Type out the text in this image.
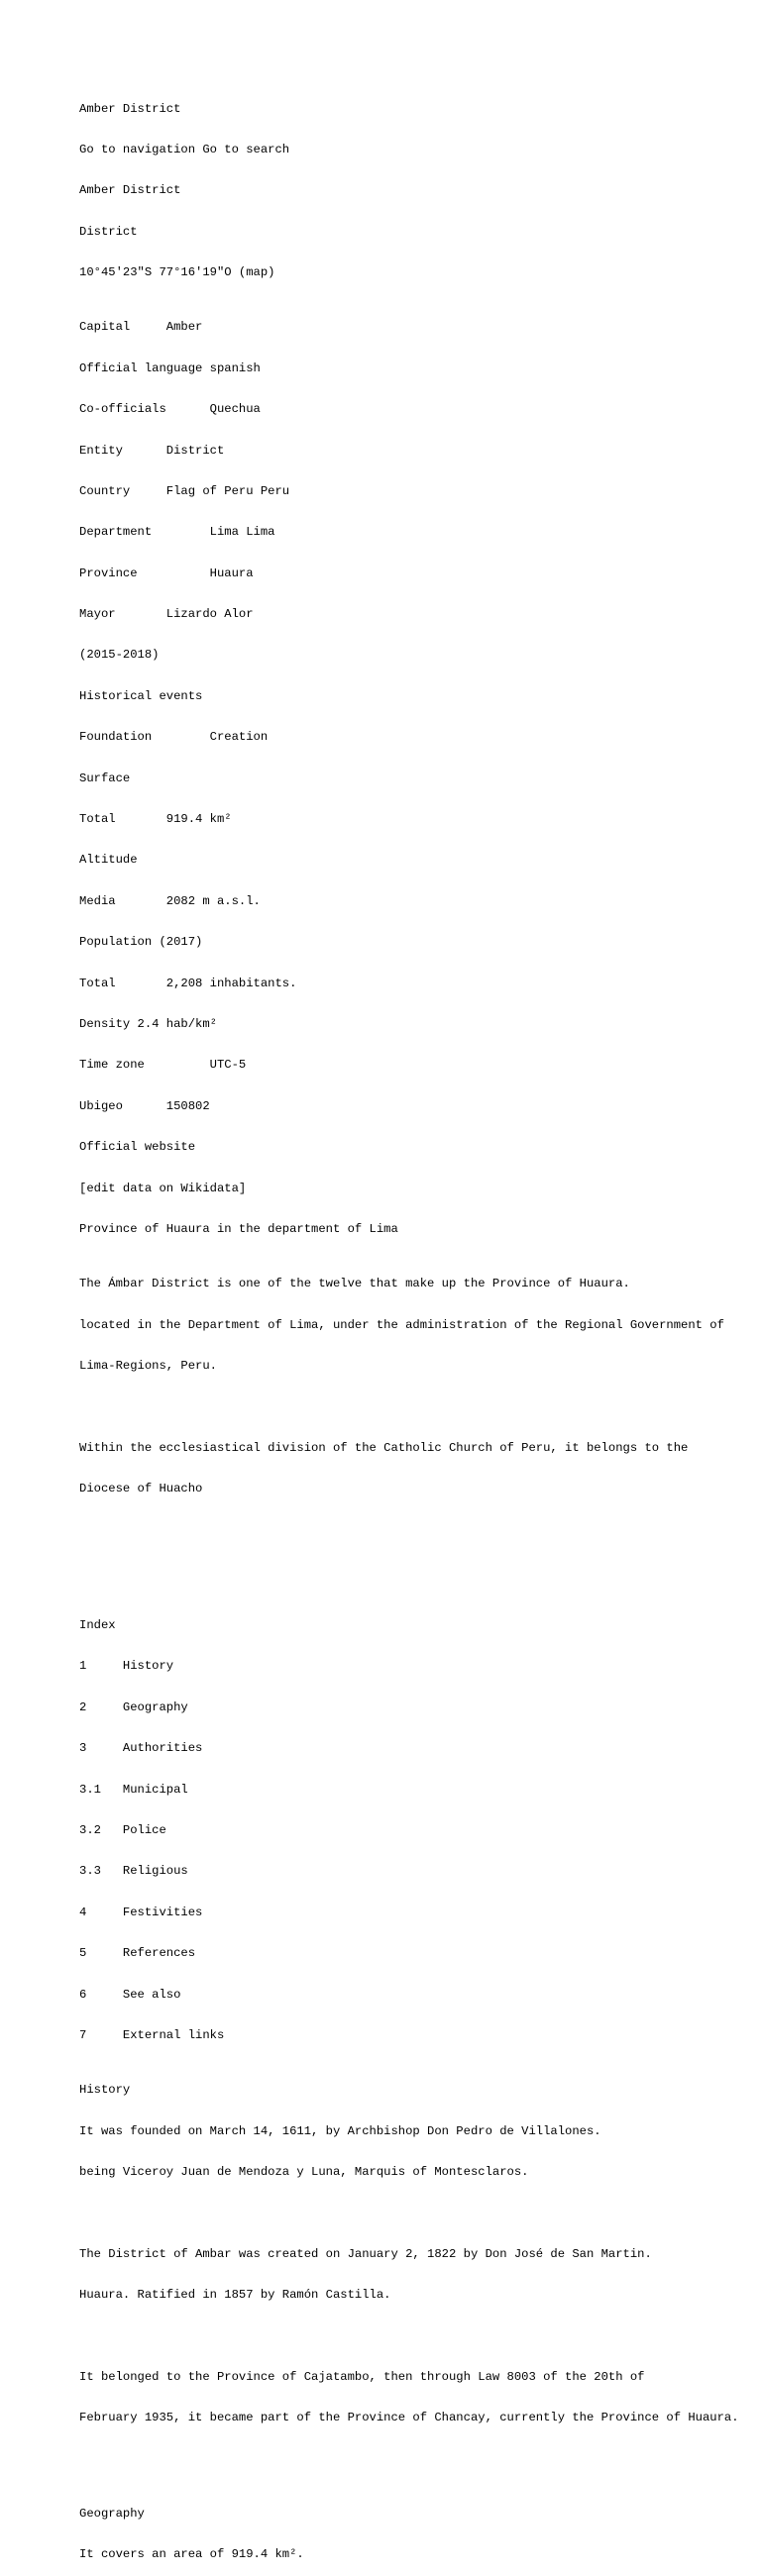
Amber District

Go to navigation Go to search

Amber District

District

10°45'23"S 77°16'19"O (map)

Capital     Amber

Official language spanish

Co-officials      Quechua

Entity      District

Country     Flag of Peru Peru

Department        Lima Lima

Province          Huaura

Mayor       Lizardo Alor

(2015-2018)

Historical events

Foundation        Creation

Surface

Total       919.4 km²

Altitude

Media       2082 m a.s.l.

Population (2017)

Total       2,208 inhabitants.

Density 2.4 hab/km²

Time zone         UTC-5

Ubigeo      150802

Official website

[edit data on Wikidata]

Province of Huaura in the department of Lima

The Ámbar District is one of the twelve that make up the Province of Huaura.

located in the Department of Lima, under the administration of the Regional Government of

Lima-Regions, Peru.

Within the ecclesiastical division of the Catholic Church of Peru, it belongs to the

Diocese of Huacho

Index

1     History

2     Geography

3     Authorities

3.1   Municipal

3.2   Police

3.3   Religious

4     Festivities

5     References

6     See also

7     External links

History

It was founded on March 14, 1611, by Archbishop Don Pedro de Villalones.

being Viceroy Juan de Mendoza y Luna, Marquis of Montesclaros.

The District of Ambar was created on January 2, 1822 by Don José de San Martin.

Huaura. Ratified in 1857 by Ramón Castilla.

It belonged to the Province of Cajatambo, then through Law 8003 of the 20th of

February 1935, it became part of the Province of Chancay, currently the Province of Huaura.

Geography

It covers an area of 919.4 km².
